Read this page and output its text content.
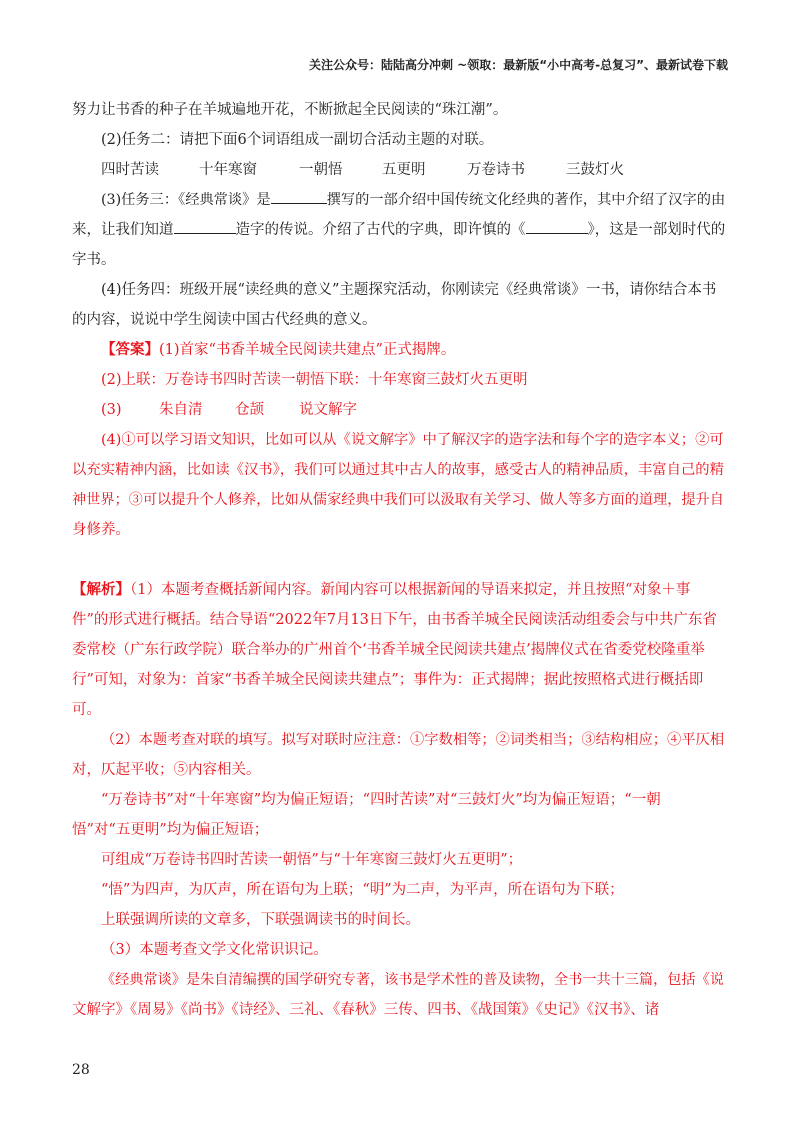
关注公众号：陆陆高分冲刺 ~领取：最新版“小中高考-总复习”、最新试卷下载
努力让书香的种子在羊城遍地开花，不断掀起全民阅读的“珠江潮”。
(2)任务二：请把下面6个词语组成一副切合活动主题的对联。
四时苦读	十年寒窗	一朝悟	五更明	万卷诗书	三鼓灯火
(3)任务三：《经典常谈》是	撰写的一部介绍中国传统文化经典的著作，其中介绍了汉字的由
来，让我们知道	造字的传说。介绍了古代的字典，即许慎的《	》，这是一部划时代的
字书。
(4)任务四：班级开展“读经典的意义”主题探究活动，你刚读完《经典常谈》一书，请你结合本书
的内容，说说中学生阅读中国古代经典的意义。
【答案】(1)首家“书香羊城全民阅读共建点”正式揭牌。
(2)上联：万卷诗书四时苦读一朝悟下联：十年寒窗三鼓灯火五更明
(3)	朱自清 仓颉 说文解字
(4)①可以学习语文知识，比如可以从《说文解字》中了解汉字的造字法和每个字的造字本义；②可
以充实精神内涵，比如读《汉书》，我们可以通过其中古人的故事，感受古人的精神品质，丰富自己的精
神世界；③可以提升个人修养，比如从儒家经典中我们可以汲取有关学习、做人等多方面的道理，提升自
身修养。
【解析】（1）本题考查概括新闻内容。新闻内容可以根据新闻的导语来拟定，并且按照“对象＋事
件”的形式进行概括。结合导语“2022年7月13日下午，由书香羊城全民阅读活动组委会与中共广东省
委常校（广东行政学院）联合举办的广州首个‘书香羊城全民阅读共建点’揭牌仪式在省委党校隆重举
行”可知，对象为：首家“书香羊城全民阅读共建点”；事件为：正式揭牌；据此按照格式进行概括即
可。
（2）本题考查对联的填写。拟写对联时应注意：①字数相等；②词类相当；③结构相应；④平仄相
对，仄起平收；⑤内容相关。
“万卷诗书”对“十年寒窗”均为偏正短语；“四时苦读”对“三鼓灯火”均为偏正短语；“一朝
悟”对“五更明”均为偏正短语；
可组成“万卷诗书四时苦读一朝悟”与“十年寒窗三鼓灯火五更明”；
“悟”为四声，为仄声，所在语句为上联；“明”为二声，为平声，所在语句为下联；
上联强调所读的文章多，下联强调读书的时间长。
（3）本题考查文学文化常识识记。
《经典常谈》是朱自清编撰的国学研究专著，该书是学术性的普及读物，全书一共十三篇，包括《说
文解字》《周易》《尚书》《诗经》、三礼、《春秋》三传、四书、《战国策》《史记》《汉书》、诸
28
